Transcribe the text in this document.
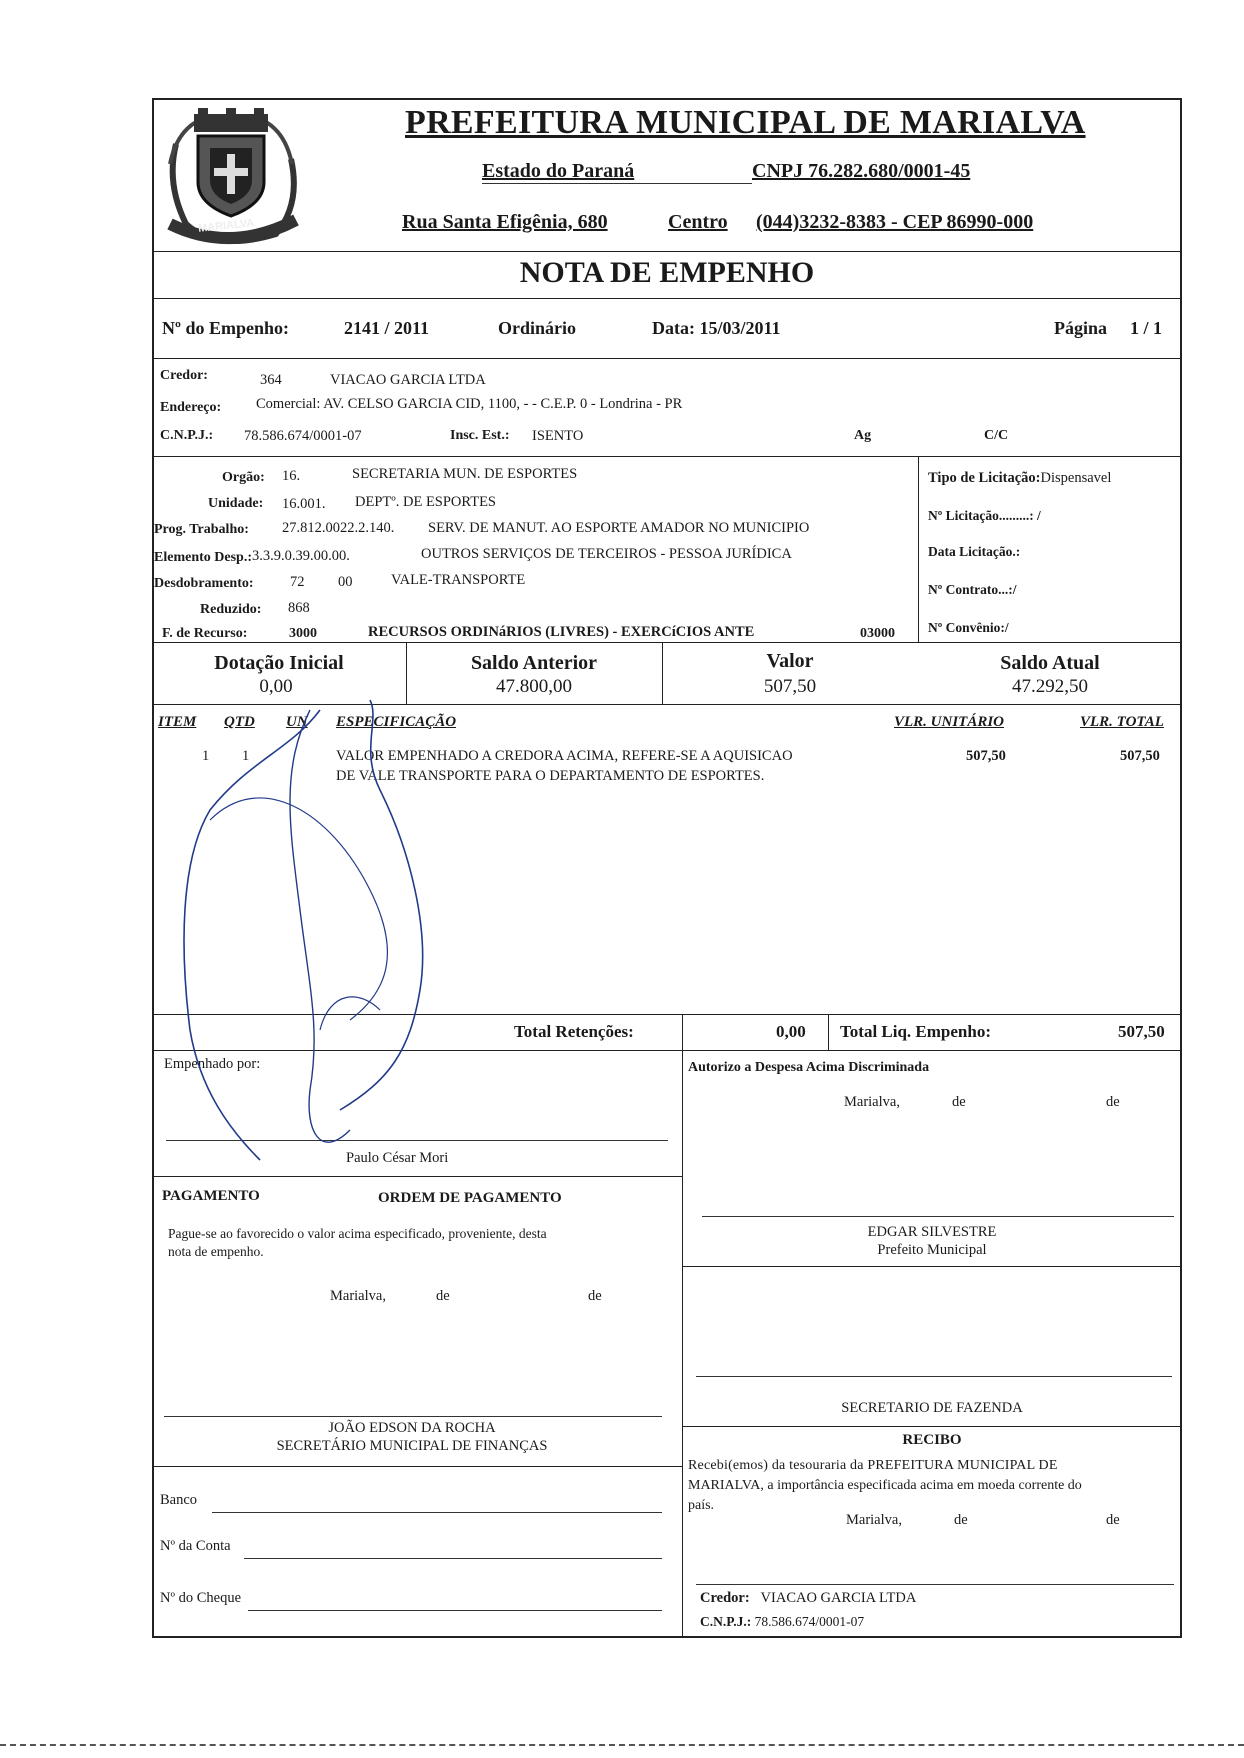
MARIALVA
PREFEITURA MUNICIPAL DE MARIALVA
Estado do Paraná	CNPJ 76.282.680/0001-45
Rua Santa Efigênia, 680	Centro (044)3232-8383 - CEP 86990-000
NOTA DE EMPENHO
Nº do Empenho:	2141 / 2011	Ordinário	Data: 15/03/2011	Página 1 / 1
Credor:	364	VIACAO GARCIA LTDA
Endereço: Comercial: AV. CELSO GARCIA CID, 1100, - - C.E.P. 0 - Londrina - PR
C.N.P.J.: 78.586.674/0001-07	Insc. Est.: ISENTO	Ag	C/C
Orgão: 16.	SECRETARIA MUN. DE ESPORTES
Unidade: 16.001. DEPTº. DE ESPORTES
Prog. Trabalho: 27.812.0022.2.140. SERV. DE MANUT. AO ESPORTE AMADOR NO MUNICIPIO
Elemento Desp.: 3.3.9.0.39.00.00.	OUTROS SERVIÇOS DE TERCEIROS - PESSOA JURÍDICA
Desdobramento:	72 00	VALE-TRANSPORTE
Reduzido: 868
F. de Recurso:	3000	RECURSOS ORDINáRIOS (LIVRES) - EXERCíCIOS ANTE	03000
Tipo de Licitação:Dispensavel
Nº Licitação.........: /
Data Licitação.:
Nº Contrato...:/
Nº Convênio:/
Dotação Inicial
0,00
Saldo Anterior
47.800,00
Valor
507,50
Saldo Atual
47.292,50
ITEM QTD UN ESPECIFICAÇÃO	VLR. UNITÁRIO	VLR. TOTAL
1 1	VALOR EMPENHADO A CREDORA ACIMA, REFERE-SE A AQUISICAO
DE VALE TRANSPORTE PARA O DEPARTAMENTO DE ESPORTES.
507,50	507,50
Total Retenções:	0,00 Total Liq. Empenho:	507,50
Empenhado por:
Paulo César Mori
Autorizo a Despesa Acima Discriminada
Marialva,	de	de
EDGAR SILVESTRE
Prefeito Municipal
SECRETARIO DE FAZENDA
PAGAMENTO	ORDEM DE PAGAMENTO
Pague-se ao favorecido o valor acima especificado, proveniente, desta
nota de empenho.
Marialva,	de	de
JOÃO EDSON DA ROCHA
SECRETÁRIO MUNICIPAL DE FINANÇAS
Banco
Nº da Conta
Nº do Cheque
RECIBO
Recebi(emos) da tesouraria da PREFEITURA MUNICIPAL DE
MARIALVA, a importância especificada acima em moeda corrente do
país.
Marialva,	de	de
Credor: VIACAO GARCIA LTDA
C.N.P.J.: 78.586.674/0001-07
